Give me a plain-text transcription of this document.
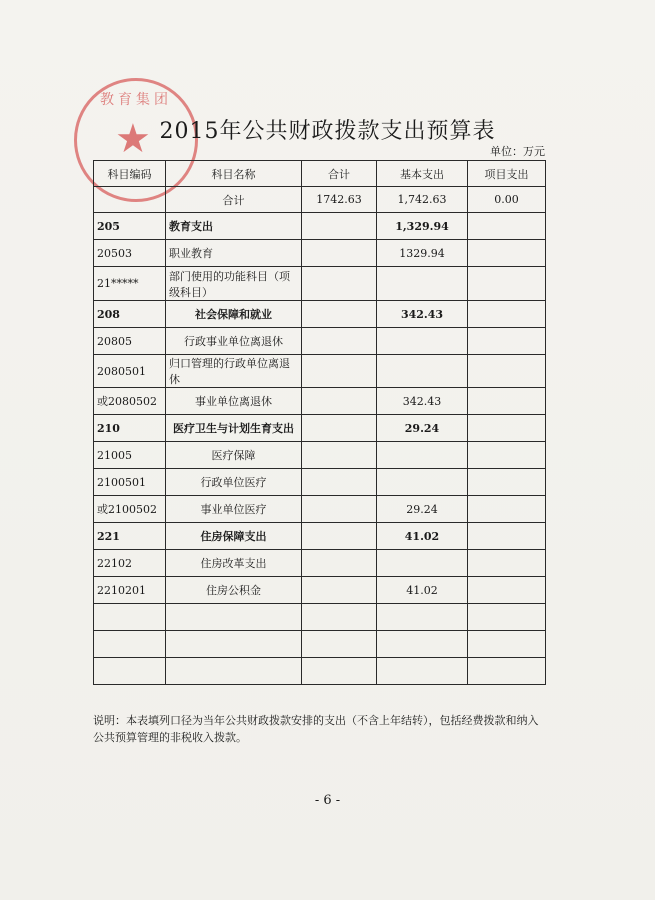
教育集团
★ 2015年公共财政拨款支出预算表
单位：万元
科目编码	科目名称	合计	基本支出	项目支出
	合计	1742.63	1,742.63	0.00
205	教育支出		1,329.94	
20503	职业教育		1329.94	
21*****	部门使用的功能科目（项级科目）			
208	社会保障和就业		342.43	
20805	行政事业单位离退休			
2080501	归口管理的行政单位离退休			
或2080502	事业单位离退休		342.43	
210	医疗卫生与计划生育支出		29.24	
21005	医疗保障			
2100501	行政单位医疗			
或2100502	事业单位医疗		29.24	
221	住房保障支出		41.02	
22102	住房改革支出			
2210201	住房公积金		41.02	

说明：本表填列口径为当年公共财政拨款安排的支出（不含上年结转），包括经费拨款和纳入公共预算管理的非税收入拨款。
- 6 -
